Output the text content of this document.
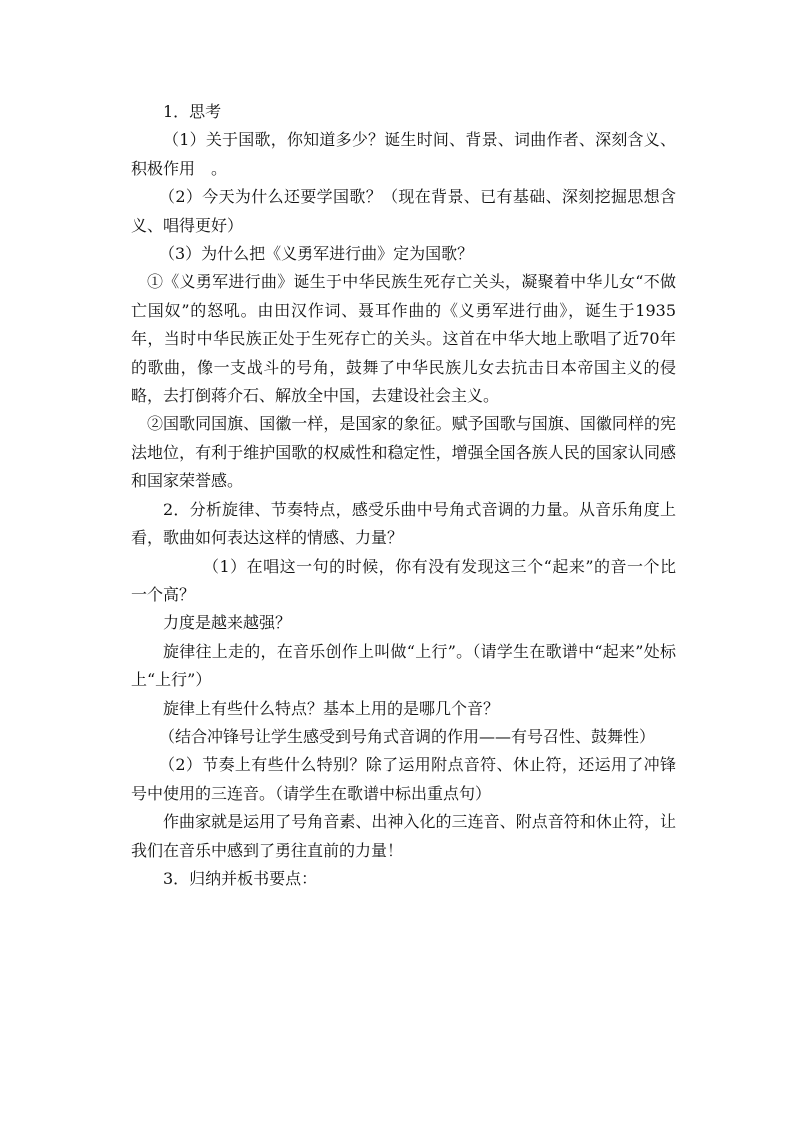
1．思考

（1）关于国歌，你知道多少？诞生时间、背景、词曲作者、深刻含义、积极作用　。

（2）今天为什么还要学国歌？（现在背景、已有基础、深刻挖掘思想含义、唱得更好）

（3）为什么把《义勇军进行曲》定为国歌？

①《义勇军进行曲》诞生于中华民族生死存亡关头，凝聚着中华儿女“不做亡国奴”的怒吼。由田汉作词、聂耳作曲的《义勇军进行曲》，诞生于1935年，当时中华民族正处于生死存亡的关头。这首在中华大地上歌唱了近70年的歌曲，像一支战斗的号角，鼓舞了中华民族儿女去抗击日本帝国主义的侵略，去打倒蒋介石、解放全中国，去建设社会主义。

②国歌同国旗、国徽一样，是国家的象征。赋予国歌与国旗、国徽同样的宪法地位，有利于维护国歌的权威性和稳定性，增强全国各族人民的国家认同感和国家荣誉感。

2．分析旋律、节奏特点，感受乐曲中号角式音调的力量。从音乐角度上看，歌曲如何表达这样的情感、力量？

（1）在唱这一句的时候，你有没有发现这三个“起来”的音一个比一个高？

力度是越来越强？

旋律往上走的，在音乐创作上叫做“上行”。（请学生在歌谱中“起来”处标上“上行”）

旋律上有些什么特点？基本上用的是哪几个音？

（结合冲锋号让学生感受到号角式音调的作用——有号召性、鼓舞性）

（2）节奏上有些什么特别？除了运用附点音符、休止符，还运用了冲锋号中使用的三连音。（请学生在歌谱中标出重点句）

作曲家就是运用了号角音素、出神入化的三连音、附点音符和休止符，让我们在音乐中感到了勇往直前的力量！

3．归纳并板书要点：
